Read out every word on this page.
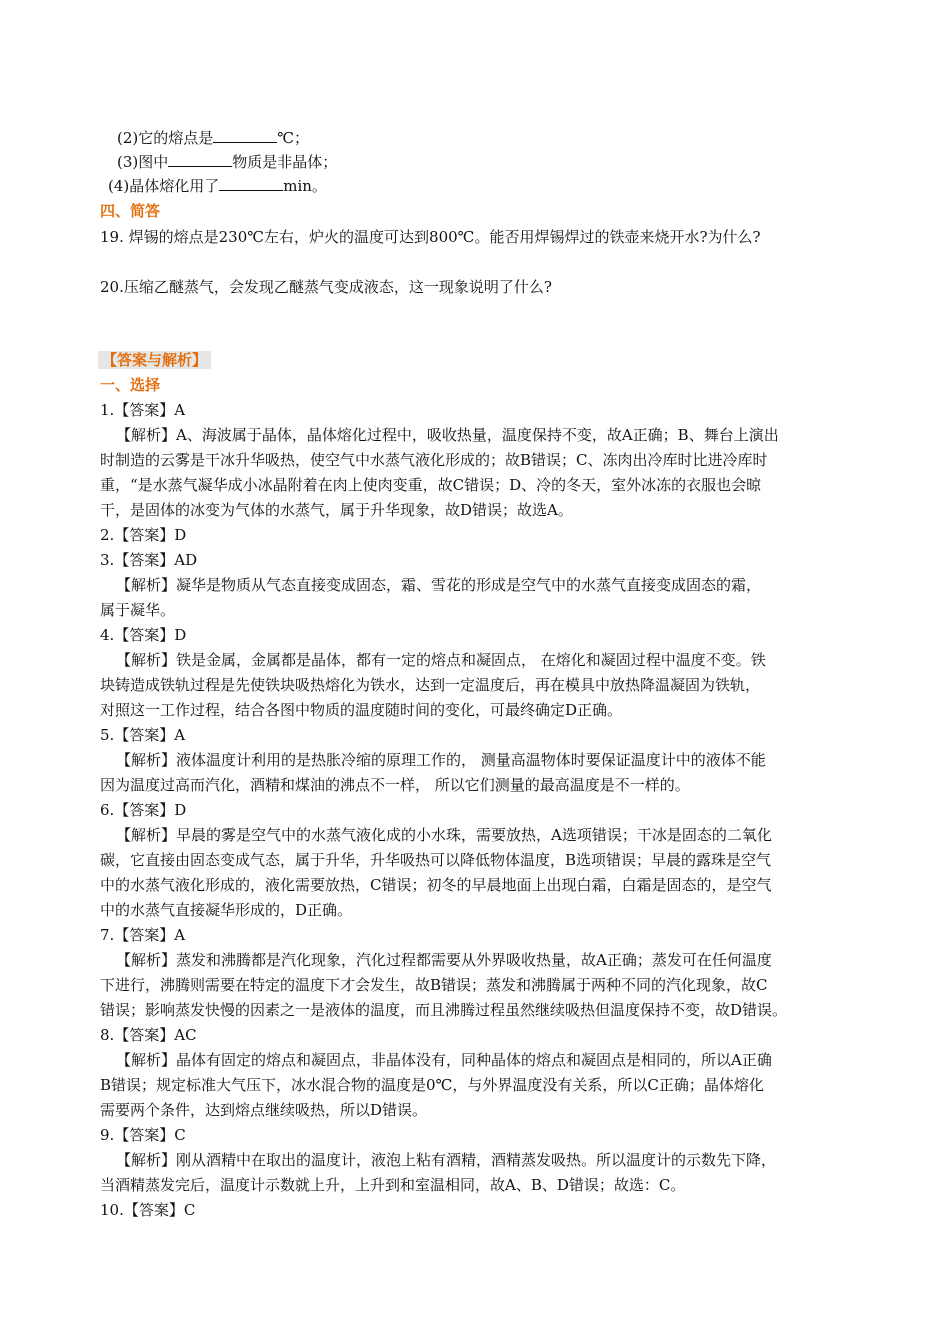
(2)它的熔点是	℃；
(3)图中	物质是非晶体；
(4)晶体熔化用了	min。
四、简答
19. 焊锡的熔点是230℃左右，炉火的温度可达到800℃。能否用焊锡焊过的铁壶来烧开水?为什么?
20.压缩乙醚蒸气，会发现乙醚蒸气变成液态，这一现象说明了什么?
【答案与解析】
一、选择
1.【答案】A
【解析】A、海波属于晶体，晶体熔化过程中，吸收热量，温度保持不变，故A正确；B、舞台上演出
时制造的云雾是干冰升华吸热，使空气中水蒸气液化形成的；故B错误；C、冻肉出冷库时比进冷库时
重，“是水蒸气凝华成小冰晶附着在肉上使肉变重，故C错误；D、冷的冬天，室外冰冻的衣服也会晾
干，是固体的冰变为气体的水蒸气，属于升华现象，故D错误；故选A。
2.【答案】D
3.【答案】AD
【解析】凝华是物质从气态直接变成固态，霜、雪花的形成是空气中的水蒸气直接变成固态的霜，
属于凝华。
4.【答案】D
【解析】铁是金属，金属都是晶体，都有一定的熔点和凝固点， 在熔化和凝固过程中温度不变。铁
块铸造成铁轨过程是先使铁块吸热熔化为铁水，达到一定温度后，再在模具中放热降温凝固为铁轨，
对照这一工作过程，结合各图中物质的温度随时间的变化，可最终确定D正确。
5.【答案】A
【解析】液体温度计利用的是热胀冷缩的原理工作的， 测量高温物体时要保证温度计中的液体不能
因为温度过高而汽化，酒精和煤油的沸点不一样， 所以它们测量的最高温度是不一样的。
6.【答案】D
【解析】早晨的雾是空气中的水蒸气液化成的小水珠，需要放热，A选项错误；干冰是固态的二氧化
碳，它直接由固态变成气态，属于升华，升华吸热可以降低物体温度，B选项错误；早晨的露珠是空气
中的水蒸气液化形成的，液化需要放热，C错误；初冬的早晨地面上出现白霜，白霜是固态的，是空气
中的水蒸气直接凝华形成的，D正确。
7.【答案】A
【解析】蒸发和沸腾都是汽化现象，汽化过程都需要从外界吸收热量，故A正确；蒸发可在任何温度
下进行，沸腾则需要在特定的温度下才会发生，故B错误；蒸发和沸腾属于两种不同的汽化现象，故C
错误；影响蒸发快慢的因素之一是液体的温度，而且沸腾过程虽然继续吸热但温度保持不变，故D错误。
8.【答案】AC
【解析】晶体有固定的熔点和凝固点，非晶体没有，同种晶体的熔点和凝固点是相同的，所以A正确
B错误；规定标准大气压下，冰水混合物的温度是0℃，与外界温度没有关系，所以C正确；晶体熔化
需要两个条件，达到熔点继续吸热，所以D错误。
9.【答案】C
【解析】刚从酒精中在取出的温度计，液泡上粘有酒精，酒精蒸发吸热。所以温度计的示数先下降，
当酒精蒸发完后，温度计示数就上升，上升到和室温相同，故A、B、D错误；故选：C。
10.【答案】C
